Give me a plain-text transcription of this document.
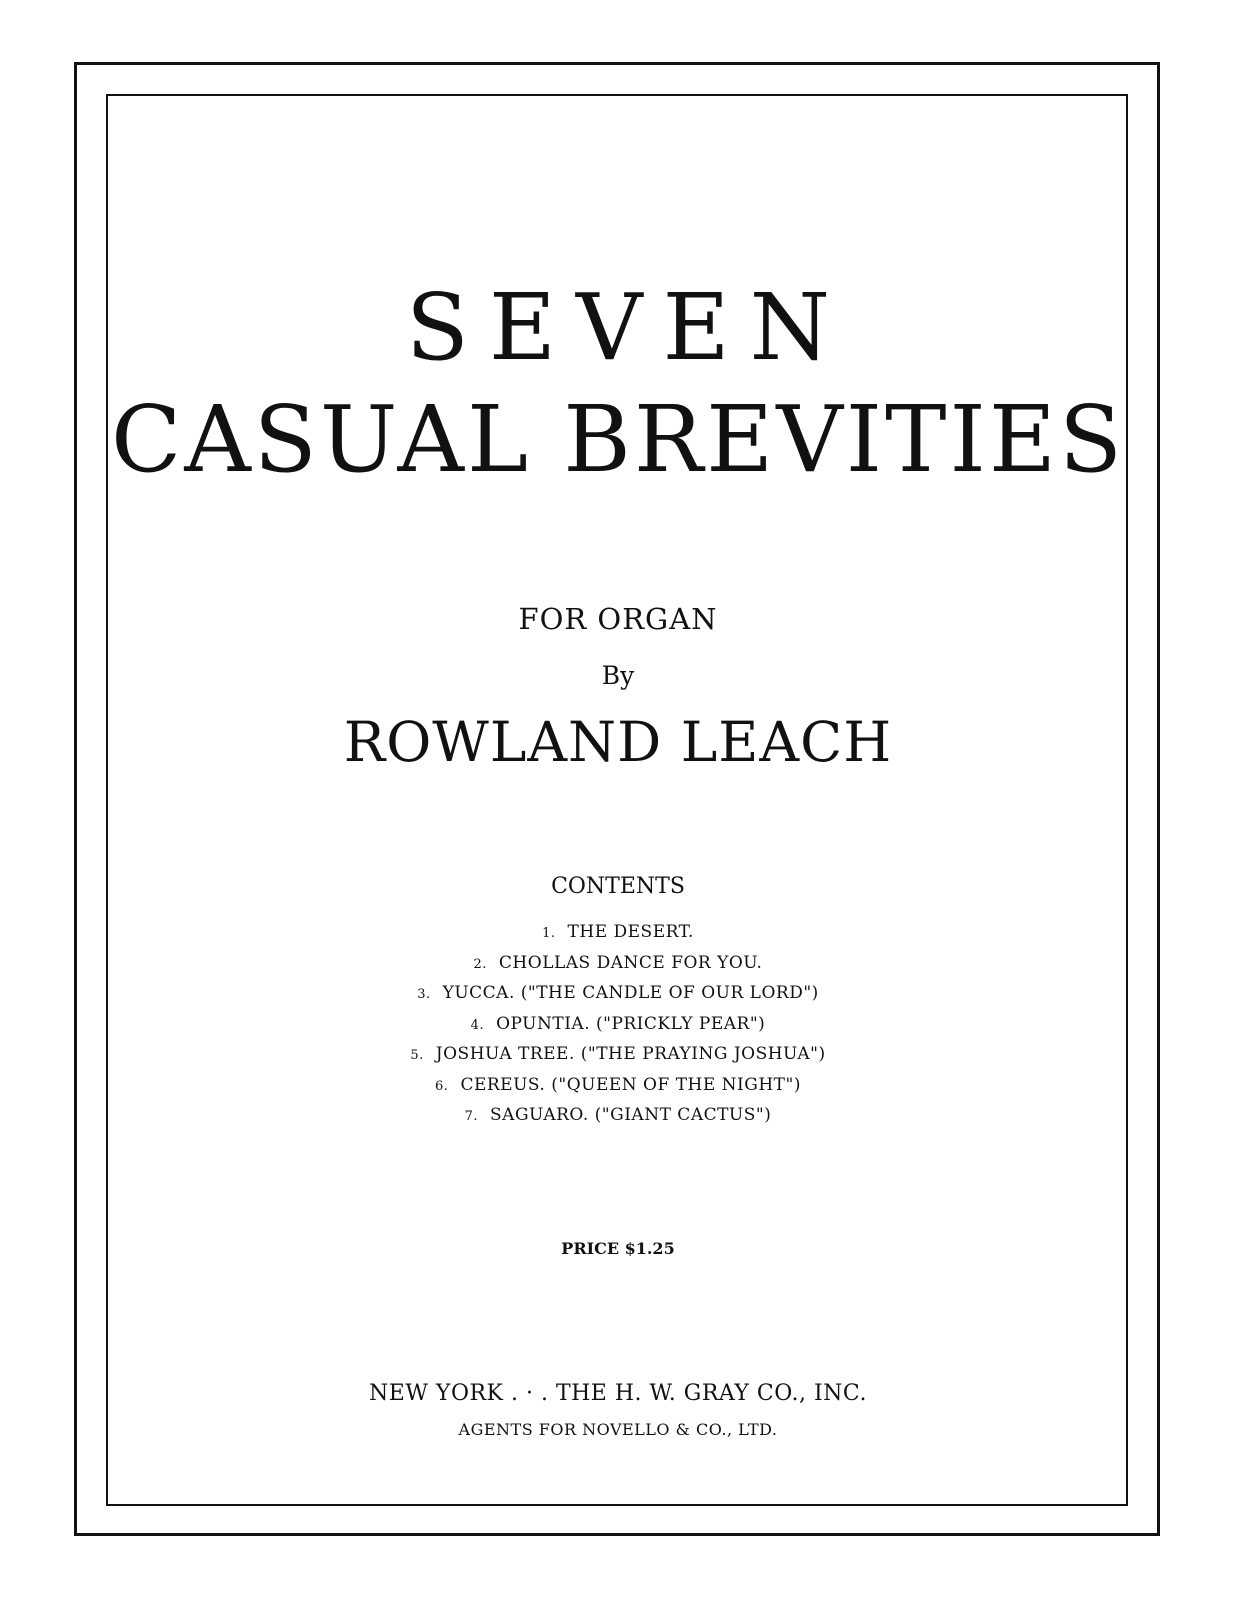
SEVEN
CASUAL BREVITIES
FOR ORGAN
By
ROWLAND LEACH
CONTENTS
1. THE DESERT.
2. CHOLLAS DANCE FOR YOU.
3. YUCCA. ("THE CANDLE OF OUR LORD")
4. OPUNTIA. ("PRICKLY PEAR")
5. JOSHUA TREE. ("THE PRAYING JOSHUA")
6. CEREUS. ("QUEEN OF THE NIGHT")
7. SAGUARO. ("GIANT CACTUS")
PRICE $1.25
NEW YORK . · . THE H. W. GRAY CO., INC.
AGENTS FOR NOVELLO & CO., LTD.
